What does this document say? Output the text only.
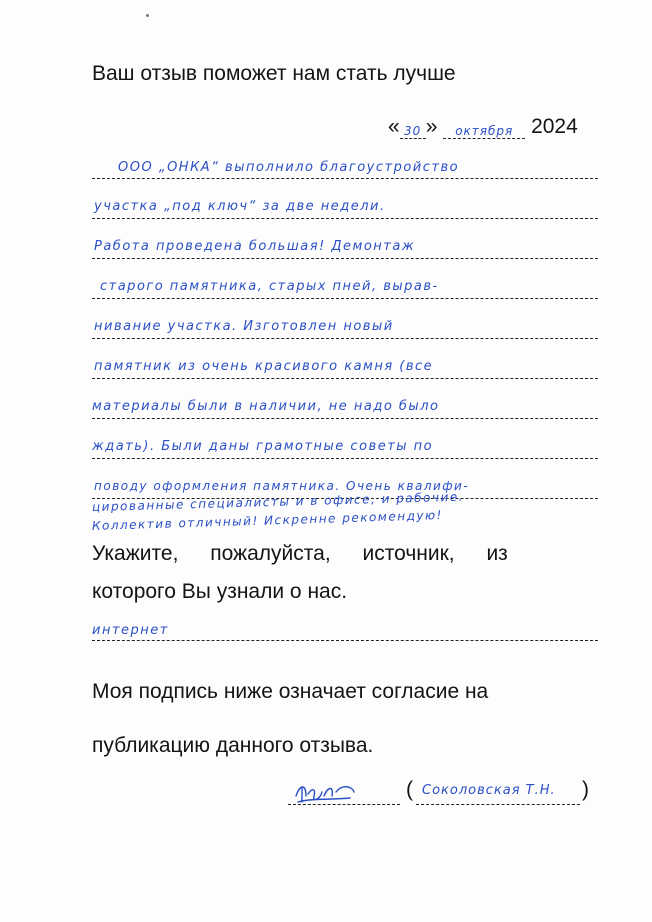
Ваш отзыв поможет нам стать лучше
« 30 » октября 2024
ООО „ОНКА“ выполнило благоустройство
участка „под ключ“ за две недели.
Работа проведена большая! Демонтаж
старого памятника, старых пней, вырав-
нивание участка. Изготовлен новый
памятник из очень красивого камня (все
материалы были в наличии, не надо было
ждать). Были даны грамотные советы по
поводу оформления памятника. Очень квалифи-
цированные специалисты и в офисе, и рабочие.
Коллектив отличный! Искренне рекомендую!
Укажите, пожалуйста, источник, из
которого Вы узнали о нас.
интернет
Моя подпись ниже означает согласие на
публикацию данного отзыва.
( Соколовская Т.Н. )
